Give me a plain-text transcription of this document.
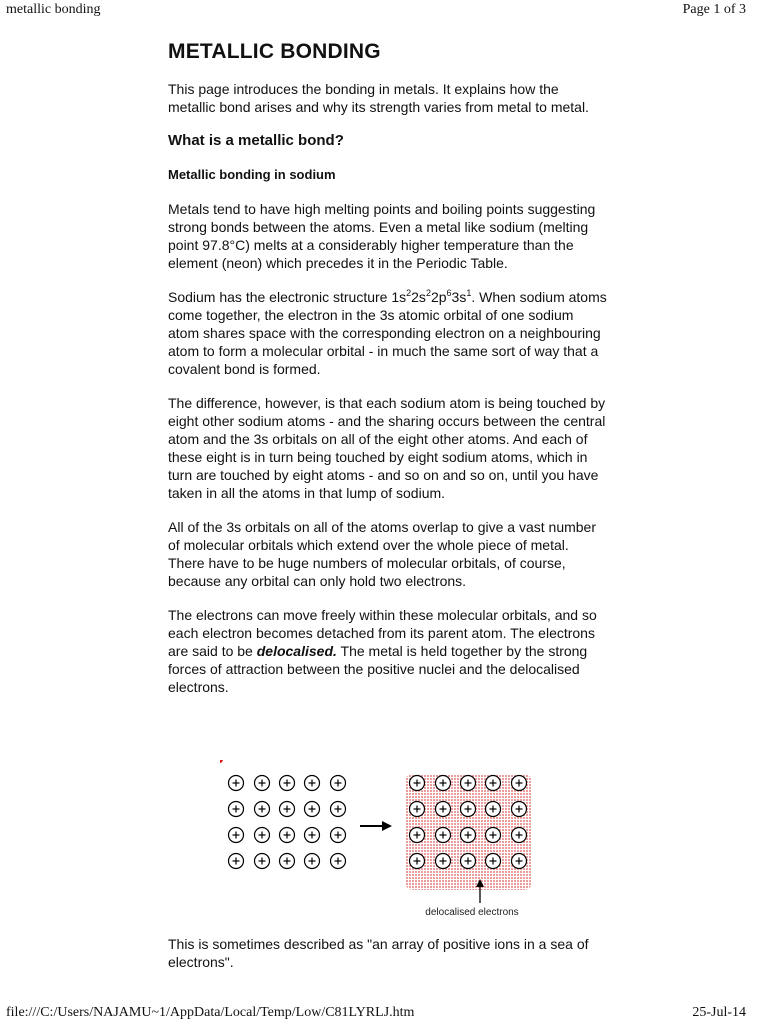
metallic bonding	Page 1 of 3
METALLIC BONDING

This page introduces the bonding in metals. It explains how the metallic bond arises and why its strength varies from metal to metal.

What is a metallic bond?
Metallic bonding in sodium

Metals tend to have high melting points and boiling points suggesting strong bonds between the atoms. Even a metal like sodium (melting point 97.8°C) melts at a considerably higher temperature than the element (neon) which precedes it in the Periodic Table.

Sodium has the electronic structure $1s^22s^22p^63s^1$. When sodium atoms come together, the electron in the 3s atomic orbital of one sodium atom shares space with the corresponding electron on a neighbouring atom to form a molecular orbital - in much the same sort of way that a covalent bond is formed.

The difference, however, is that each sodium atom is being touched by eight other sodium atoms - and the sharing occurs between the central atom and the 3s orbitals on all of the eight other atoms. And each of these eight is in turn being touched by eight sodium atoms, which in turn are touched by eight atoms - and so on and so on, until you have taken in all the atoms in that lump of sodium.

All of the 3s orbitals on all of the atoms overlap to give a vast number of molecular orbitals which extend over the whole piece of metal. There have to be huge numbers of molecular orbitals, of course, because any orbital can only hold two electrons.

The electrons can move freely within these molecular orbitals, and so each electron becomes detached from its parent atom. The electrons are said to be delocalised. The metal is held together by the strong forces of attraction between the positive nuclei and the delocalised electrons.

delocalised electrons
This is sometimes described as "an array of positive ions in a sea of electrons".
file:///C:/Users/NAJAMU~1/AppData/Local/Temp/Low/C81LYRLJ.htm	25-Jul-14
